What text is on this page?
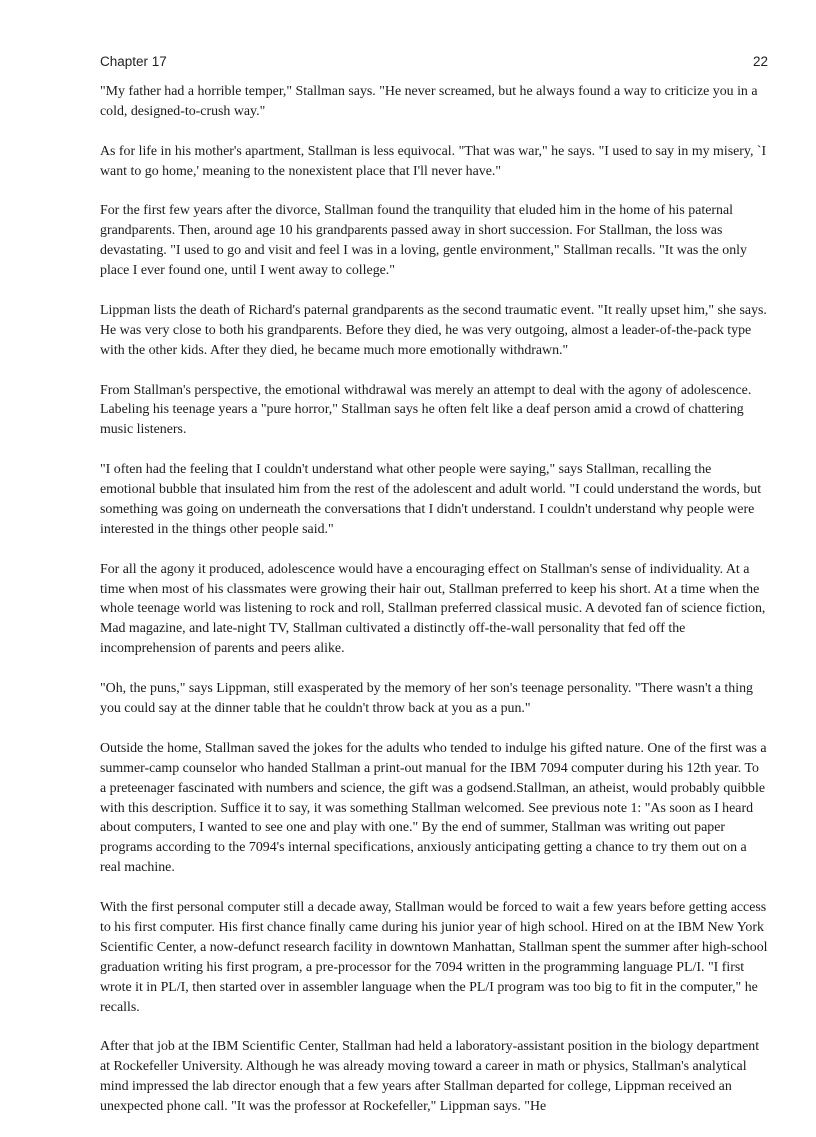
Chapter 17	22

"My father had a horrible temper," Stallman says. "He never screamed, but he always found a way to criticize you in a cold, designed-to-crush way."

As for life in his mother's apartment, Stallman is less equivocal. "That was war," he says. "I used to say in my misery, `I want to go home,' meaning to the nonexistent place that I'll never have."

For the first few years after the divorce, Stallman found the tranquility that eluded him in the home of his paternal grandparents. Then, around age 10 his grandparents passed away in short succession. For Stallman, the loss was devastating. "I used to go and visit and feel I was in a loving, gentle environment," Stallman recalls. "It was the only place I ever found one, until I went away to college."

Lippman lists the death of Richard's paternal grandparents as the second traumatic event. "It really upset him," she says. He was very close to both his grandparents. Before they died, he was very outgoing, almost a leader-of-the-pack type with the other kids. After they died, he became much more emotionally withdrawn."

From Stallman's perspective, the emotional withdrawal was merely an attempt to deal with the agony of adolescence. Labeling his teenage years a "pure horror," Stallman says he often felt like a deaf person amid a crowd of chattering music listeners.

"I often had the feeling that I couldn't understand what other people were saying," says Stallman, recalling the emotional bubble that insulated him from the rest of the adolescent and adult world. "I could understand the words, but something was going on underneath the conversations that I didn't understand. I couldn't understand why people were interested in the things other people said."

For all the agony it produced, adolescence would have a encouraging effect on Stallman's sense of individuality. At a time when most of his classmates were growing their hair out, Stallman preferred to keep his short. At a time when the whole teenage world was listening to rock and roll, Stallman preferred classical music. A devoted fan of science fiction, Mad magazine, and late-night TV, Stallman cultivated a distinctly off-the-wall personality that fed off the incomprehension of parents and peers alike.

"Oh, the puns," says Lippman, still exasperated by the memory of her son's teenage personality. "There wasn't a thing you could say at the dinner table that he couldn't throw back at you as a pun."

Outside the home, Stallman saved the jokes for the adults who tended to indulge his gifted nature. One of the first was a summer-camp counselor who handed Stallman a print-out manual for the IBM 7094 computer during his 12th year. To a preteenager fascinated with numbers and science, the gift was a godsend.Stallman, an atheist, would probably quibble with this description. Suffice it to say, it was something Stallman welcomed. See previous note 1: "As soon as I heard about computers, I wanted to see one and play with one." By the end of summer, Stallman was writing out paper programs according to the 7094's internal specifications, anxiously anticipating getting a chance to try them out on a real machine.

With the first personal computer still a decade away, Stallman would be forced to wait a few years before getting access to his first computer. His first chance finally came during his junior year of high school. Hired on at the IBM New York Scientific Center, a now-defunct research facility in downtown Manhattan, Stallman spent the summer after high-school graduation writing his first program, a pre-processor for the 7094 written in the programming language PL/I. "I first wrote it in PL/I, then started over in assembler language when the PL/I program was too big to fit in the computer," he recalls.

After that job at the IBM Scientific Center, Stallman had held a laboratory-assistant position in the biology department at Rockefeller University. Although he was already moving toward a career in math or physics, Stallman's analytical mind impressed the lab director enough that a few years after Stallman departed for college, Lippman received an unexpected phone call. "It was the professor at Rockefeller," Lippman says. "He
